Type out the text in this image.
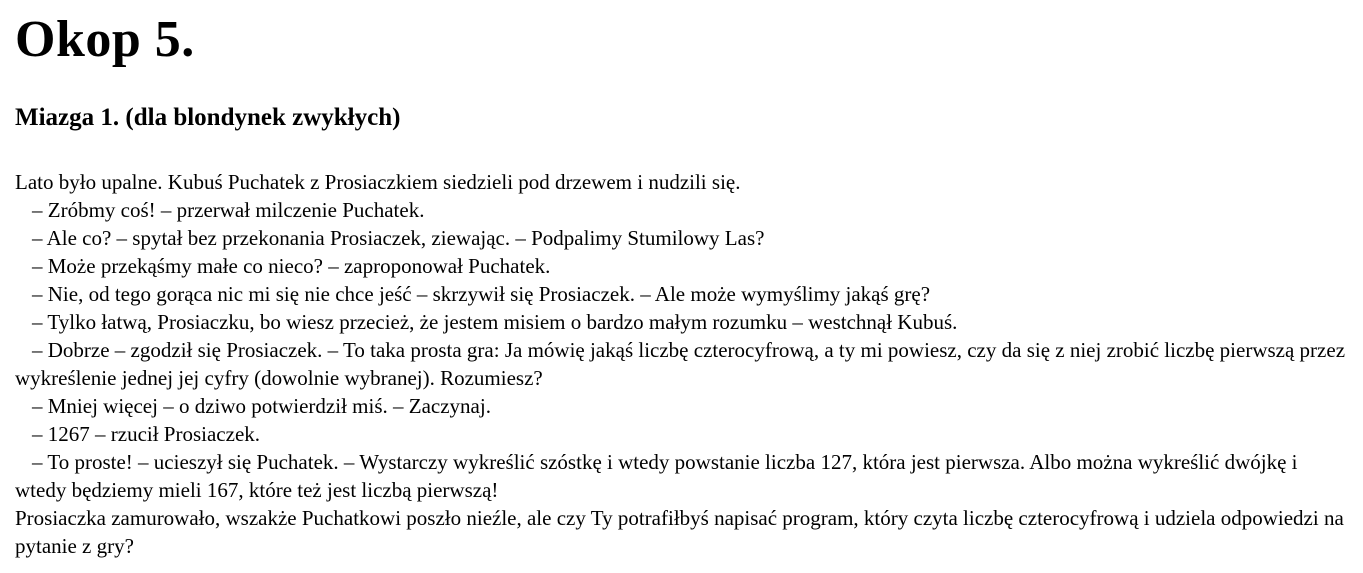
Okop 5.
Miazga 1. (dla blondynek zwykłych)

Lato było upalne. Kubuś Puchatek z Prosiaczkiem siedzieli pod drzewem i nudzili się.

– Zróbmy coś! – przerwał milczenie Puchatek.

– Ale co? – spytał bez przekonania Prosiaczek, ziewając. – Podpalimy Stumilowy Las?

– Może przekąśmy małe co nieco? – zaproponował Puchatek.

– Nie, od tego gorąca nic mi się nie chce jeść – skrzywił się Prosiaczek. – Ale może wymyślimy jakąś grę?

– Tylko łatwą, Prosiaczku, bo wiesz przecież, że jestem misiem o bardzo małym rozumku – westchnął Kubuś.

– Dobrze – zgodził się Prosiaczek. – To taka prosta gra: Ja mówię jakąś liczbę czterocyfrową, a ty mi powiesz, czy da się z niej zrobić liczbę pierwszą przez wykreślenie jednej jej cyfry (dowolnie wybranej). Rozumiesz?

– Mniej więcej – o dziwo potwierdził miś. – Zaczynaj.

– 1267 – rzucił Prosiaczek.

– To proste! – ucieszył się Puchatek. – Wystarczy wykreślić szóstkę i wtedy powstanie liczba 127, która jest pierwsza. Albo można wykreślić dwójkę i wtedy będziemy mieli 167, które też jest liczbą pierwszą!

Prosiaczka zamurowało, wszakże Puchatkowi poszło nieźle, ale czy Ty potrafiłbyś napisać program, który czyta liczbę czterocyfrową i udziela odpowiedzi na pytanie z gry?
